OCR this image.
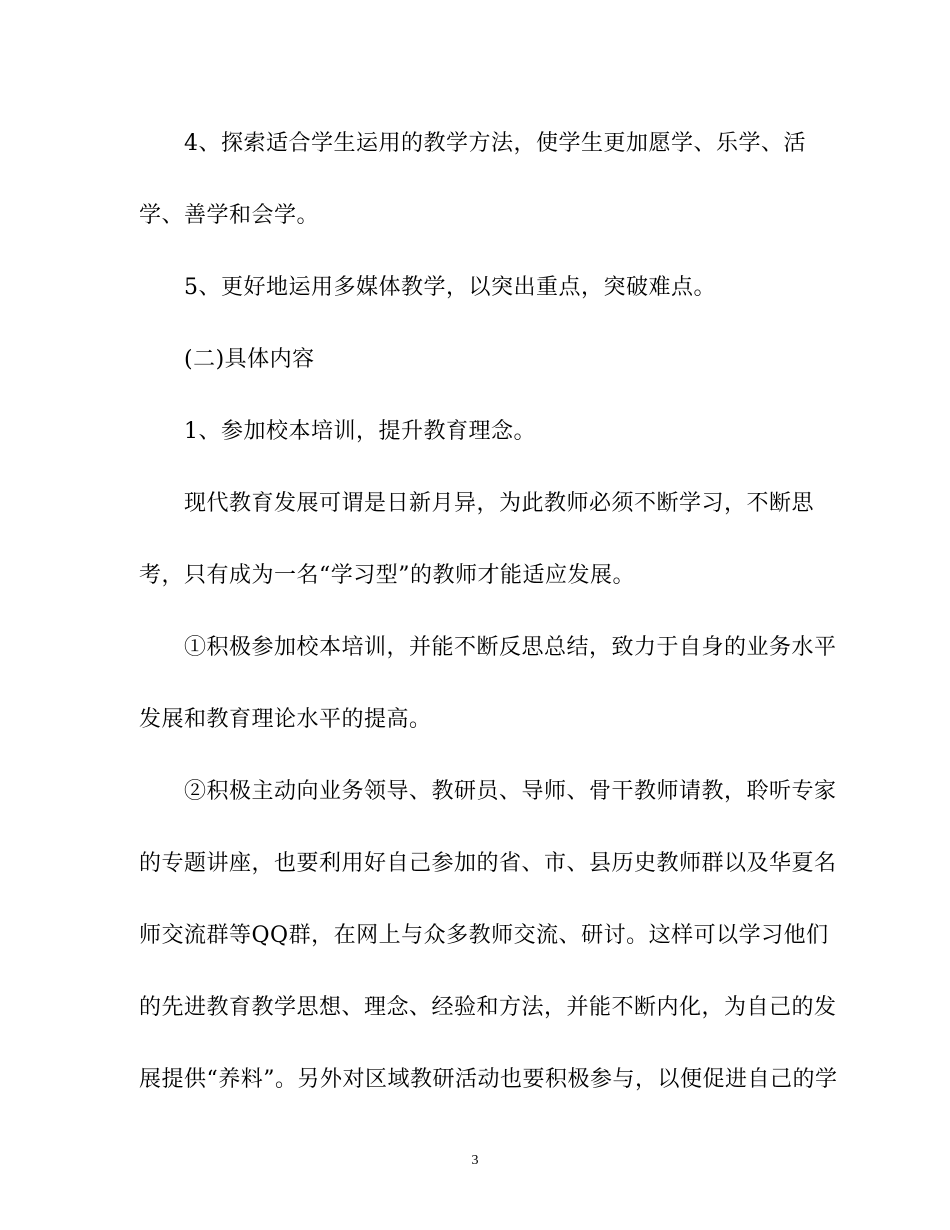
4、探索适合学生运用的教学方法，使学生更加愿学、乐学、活
学、善学和会学。
5、更好地运用多媒体教学，以突出重点，突破难点。
(二)具体内容
1、参加校本培训，提升教育理念。
现代教育发展可谓是日新月异，为此教师必须不断学习，不断思
考，只有成为一名“学习型”的教师才能适应发展。
①积极参加校本培训，并能不断反思总结，致力于自身的业务水平
发展和教育理论水平的提高。
②积极主动向业务领导、教研员、导师、骨干教师请教，聆听专家
的专题讲座，也要利用好自己参加的省、市、县历史教师群以及华夏名
师交流群等QQ群，在网上与众多教师交流、研讨。这样可以学习他们
的先进教育教学思想、理念、经验和方法，并能不断内化，为自己的发
展提供“养料”。另外对区域教研活动也要积极参与，以便促进自己的学
3
